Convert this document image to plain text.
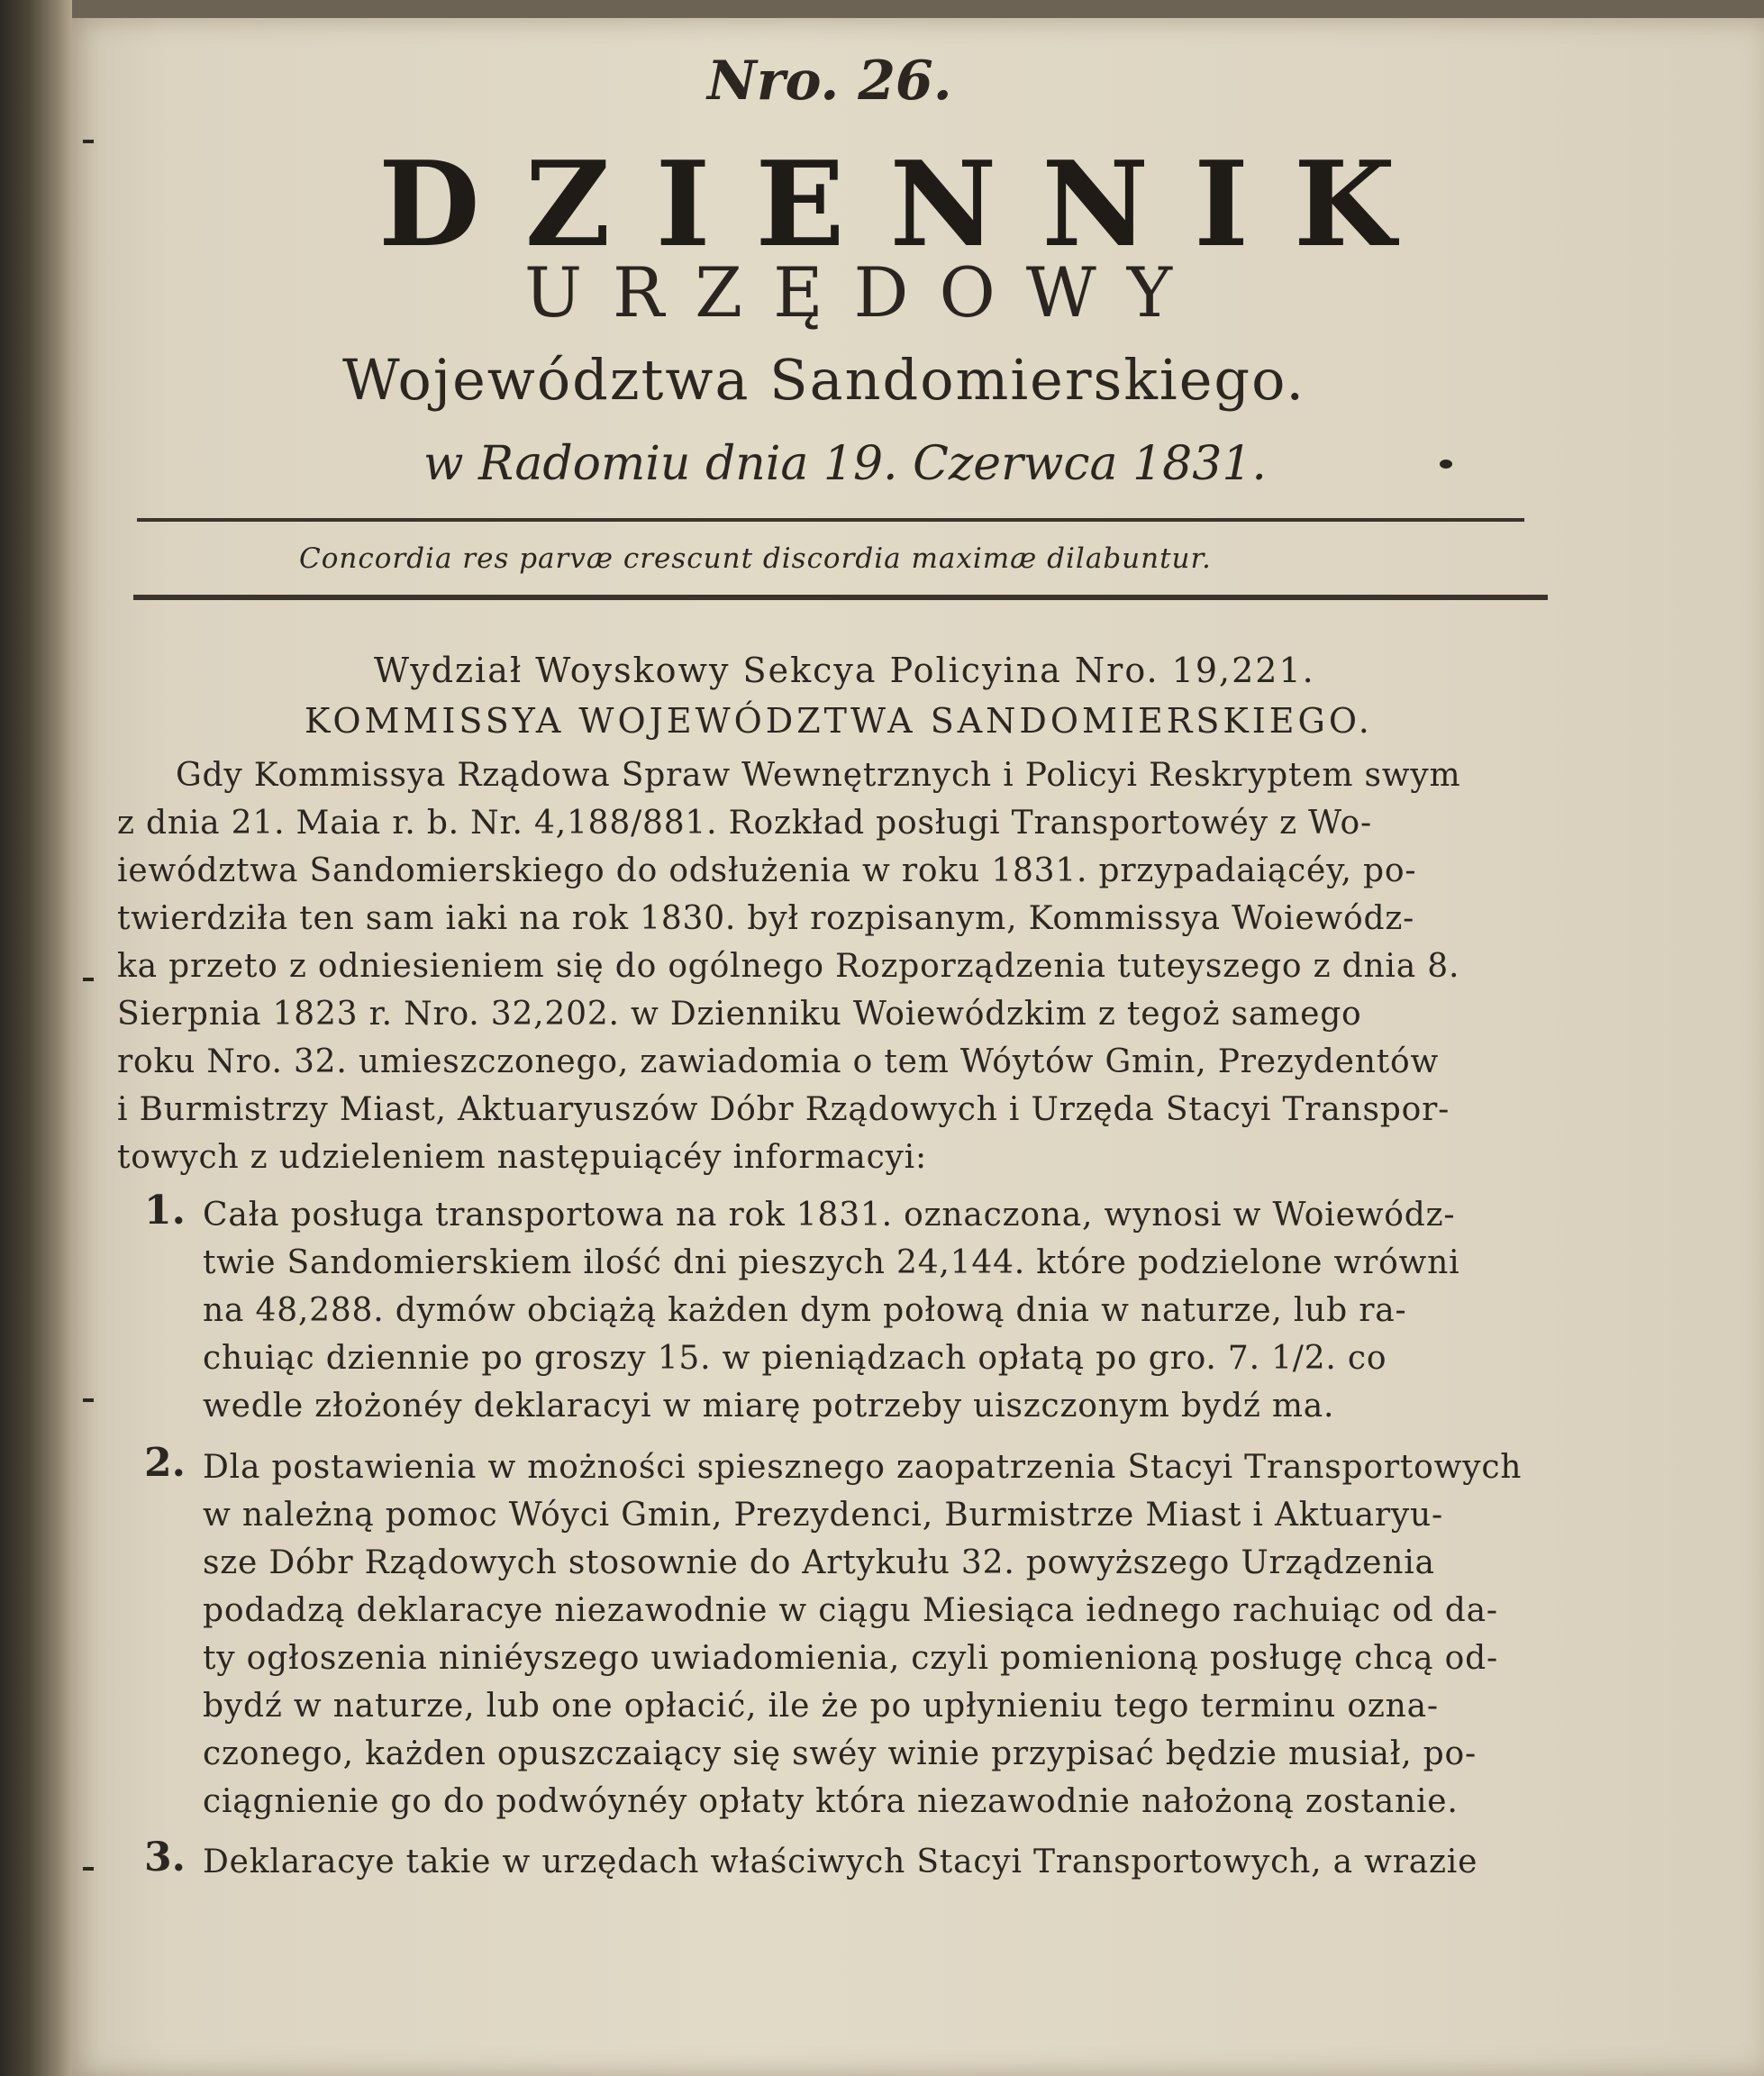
Nro. 26.
DZIENNIK
URZĘDOWY
Województwa Sandomierskiego.
w Radomiu dnia 19. Czerwca 1831.
Concordia res parvæ crescunt discordia maximæ dilabuntur.
Wydział Woyskowy Sekcya Policyina Nro. 19,221.
KOMMISSYA WOJEWÓDZTWA SANDOMIERSKIEGO.
Gdy Kommissya Rządowa Spraw Wewnętrznych i Policyi Reskryptem swym
z dnia 21. Maia r. b. Nr. 4,188/881. Rozkład posługi Transportowéy z Wo-
iewództwa Sandomierskiego do odsłużenia w roku 1831. przypadaiącéy, po-
twierdziła ten sam iaki na rok 1830. był rozpisanym, Kommissya Woiewódz-
ka przeto z odniesieniem się do ogólnego Rozporządzenia tuteyszego z dnia 8.
Sierpnia 1823 r. Nro. 32,202. w Dzienniku Woiewódzkim z tegoż samego
roku Nro. 32. umieszczonego, zawiadomia o tem Wóytów Gmin, Prezydentów
i Burmistrzy Miast, Aktuaryuszów Dóbr Rządowych i Urzęda Stacyi Transpor-
towych z udzieleniem następuiącéy informacyi:
1. Cała posługa transportowa na rok 1831. oznaczona, wynosi w Woiewódz-
twie Sandomierskiem ilość dni pieszych 24,144. które podzielone wrówni
na 48,288. dymów obciążą każden dym połową dnia w naturze, lub ra-
chuiąc dziennie po groszy 15. w pieniądzach opłatą po gro. 7. 1/2. co
wedle złożonéy deklaracyi w miarę potrzeby uiszczonym bydź ma.
2. Dla postawienia w możności spiesznego zaopatrzenia Stacyi Transportowych
w należną pomoc Wóyci Gmin, Prezydenci, Burmistrze Miast i Aktuaryu-
sze Dóbr Rządowych stosownie do Artykułu 32. powyższego Urządzenia
podadzą deklaracye niezawodnie w ciągu Miesiąca iednego rachuiąc od da-
ty ogłoszenia niniéyszego uwiadomienia, czyli pomienioną posługę chcą od-
bydź w naturze, lub one opłacić, ile że po upłynieniu tego terminu ozna-
czonego, każden opuszczaiący się swéy winie przypisać będzie musiał, po-
ciągnienie go do podwóynéy opłaty która niezawodnie nałożoną zostanie.
3. Deklaracye takie w urzędach właściwych Stacyi Transportowych, a wrazie
